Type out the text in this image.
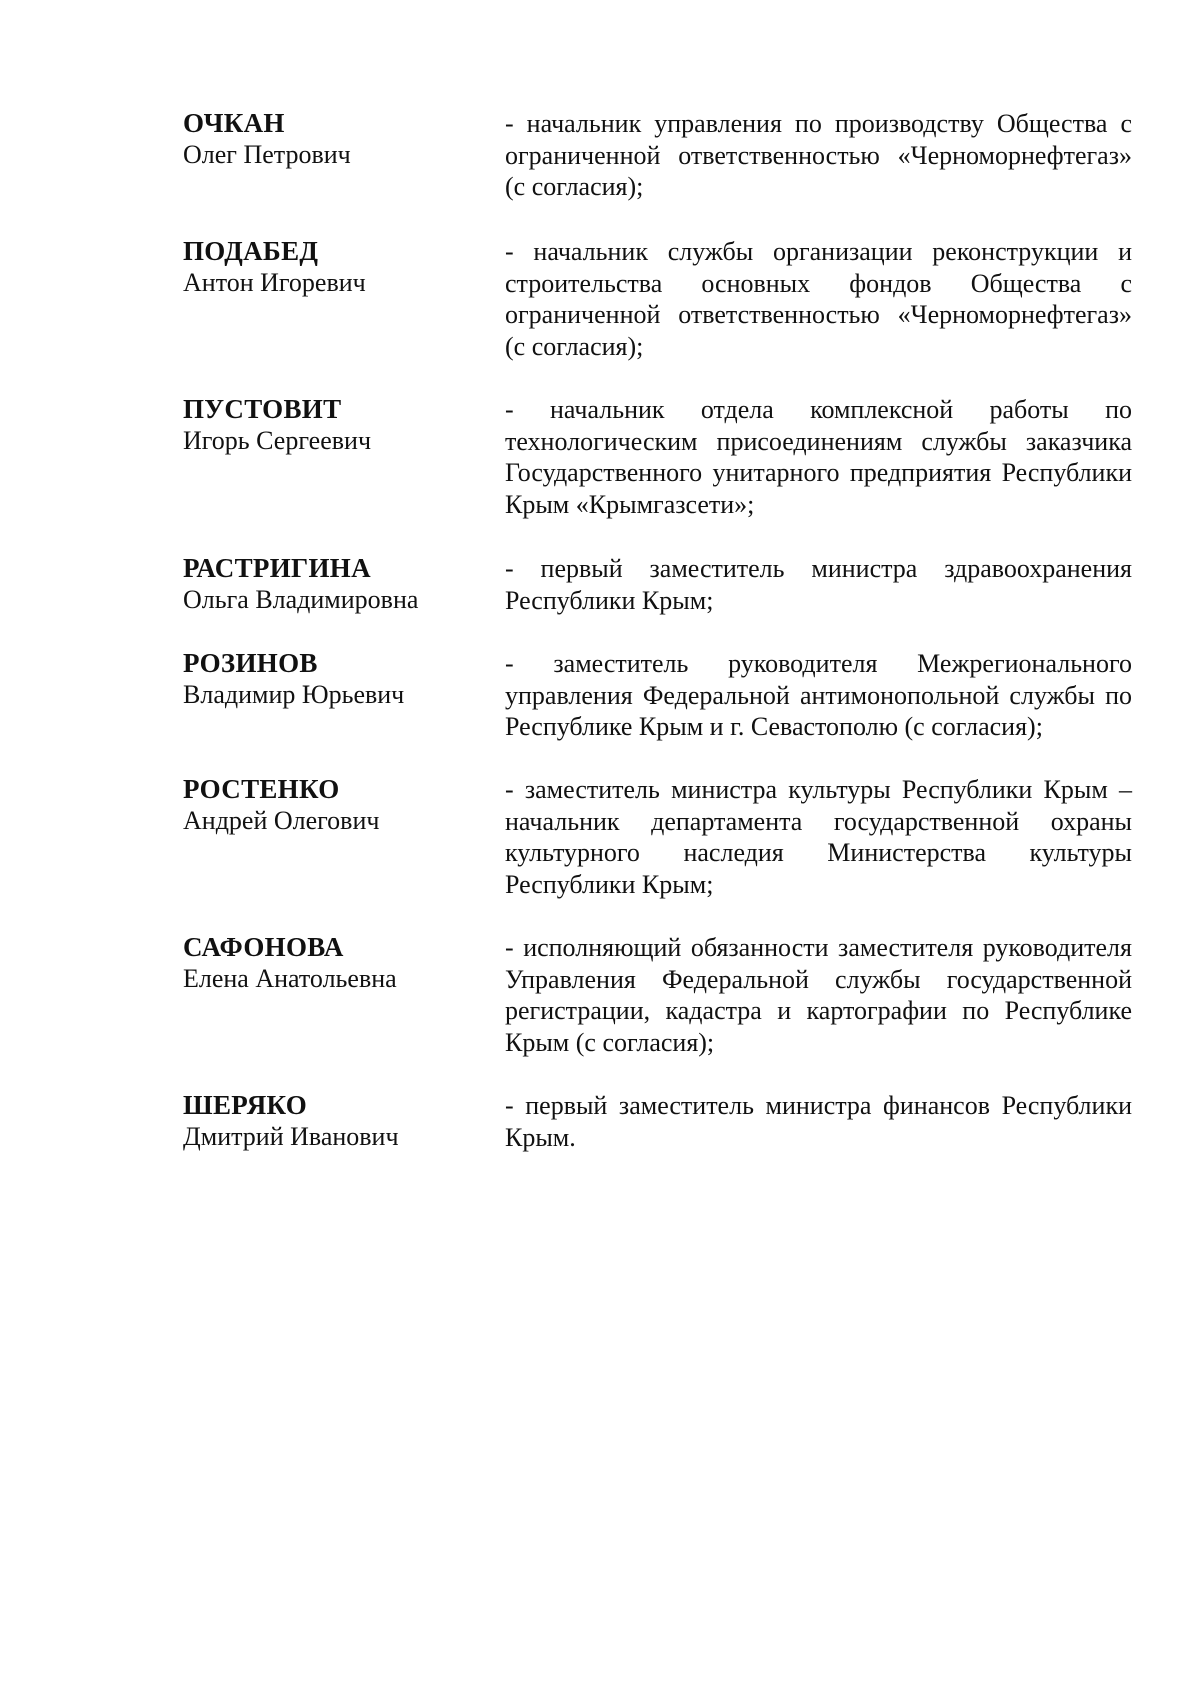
ОЧКАН
Олег Петрович
- начальник управления по производству Общества с ограниченной ответственностью «Черноморнефтегаз» (с согласия);
ПОДАБЕД
Антон Игоревич
- начальник службы организации реконструкции и строительства основных фондов Общества с ограниченной ответственностью «Черноморнефтегаз» (с согласия);
ПУСТОВИТ
Игорь Сергеевич
- начальник отдела комплексной работы по технологическим присоединениям службы заказчика Государственного унитарного предприятия Республики Крым «Крымгазсети»;
РАСТРИГИНА
Ольга Владимировна
- первый заместитель министра здравоохранения Республики Крым;
РОЗИНОВ
Владимир Юрьевич
- заместитель руководителя Межрегионального управления Федеральной антимонопольной службы по Республике Крым и г. Севастополю (с согласия);
РОСТЕНКО
Андрей Олегович
- заместитель министра культуры Республики Крым – начальник департамента государственной охраны культурного наследия Министерства культуры Республики Крым;
САФОНОВА
Елена Анатольевна
- исполняющий обязанности заместителя руководителя Управления Федеральной службы государственной регистрации, кадастра и картографии по Республике Крым (с согласия);
ШЕРЯКО
Дмитрий Иванович
- первый заместитель министра финансов Республики Крым.
